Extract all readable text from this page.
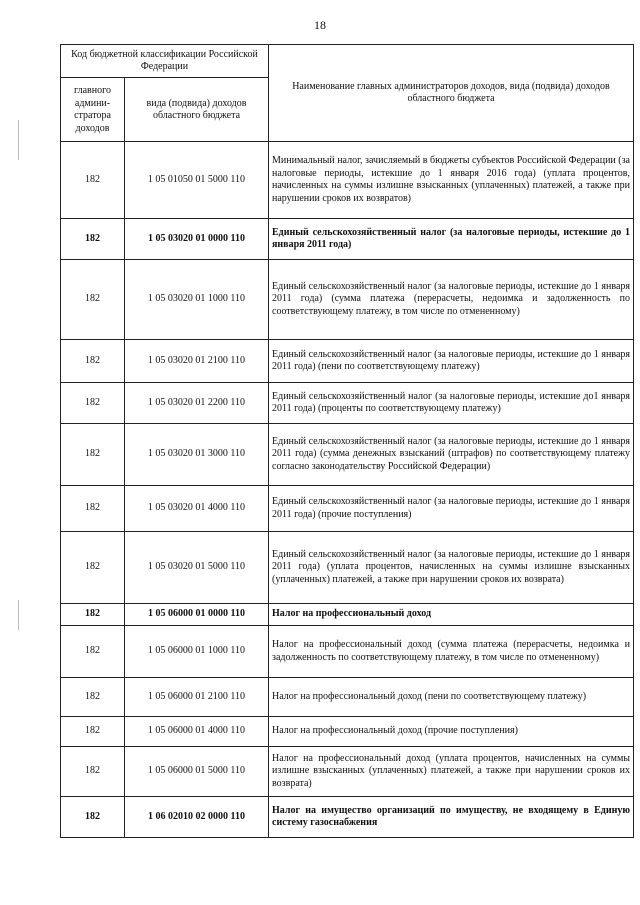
18
Код бюджетной классификации Российской Федерации		Наименование главных администраторов доходов, вида (подвида) доходов областного бюджета
главного админи-стратора доходов	вида (подвида) доходов областного бюджета	
182	1 05 01050 01 5000 110	Минимальный налог, зачисляемый в бюджеты субъектов Российской Федерации (за налоговые периоды, истекшие до 1 января 2016 года) (уплата процентов, начисленных на суммы излишне взысканных (уплаченных) платежей, а также при нарушении сроков их возвратов)
182	1 05 03020 01 0000 110	Единый сельскохозяйственный налог (за налоговые периоды, истекшие до 1 января 2011 года)
182	1 05 03020 01 1000 110	Единый сельскохозяйственный налог (за налоговые периоды, истекшие до 1 января 2011 года) (сумма платежа (перерасчеты, недоимка и задолженность по соответствующему платежу, в том числе по отмененному)
182	1 05 03020 01 2100 110	Единый сельскохозяйственный налог (за налоговые периоды, истекшие до 1 января 2011 года) (пени по соответствующему платежу)
182	1 05 03020 01 2200 110	Единый сельскохозяйственный налог (за налоговые периоды, истекшие до1 января 2011 года) (проценты по соответствующему платежу)
182	1 05 03020 01 3000 110	Единый сельскохозяйственный налог (за налоговые периоды, истекшие до 1 января 2011 года) (сумма денежных взысканий (штрафов) по соответствующему платежу согласно законодательству Российской Федерации)
182	1 05 03020 01 4000 110	Единый сельскохозяйственный налог (за налоговые периоды, истекшие до 1 января 2011 года) (прочие поступления)
182	1 05 03020 01 5000 110	Единый сельскохозяйственный налог (за налоговые периоды, истекшие до 1 января 2011 года) (уплата процентов, начисленных на суммы излишне взысканных (уплаченных) платежей, а также при нарушении сроков их возврата)
182	1 05 06000 01 0000 110	Налог на профессиональный доход
182	1 05 06000 01 1000 110	Налог на профессиональный доход (сумма платежа (перерасчеты, недоимка и задолженность по соответствующему платежу, в том числе по отмененному)
182	1 05 06000 01 2100 110	Налог на профессиональный доход (пени по соответствующему платежу)
182	1 05 06000 01 4000 110	Налог на профессиональный доход (прочие поступления)
182	1 05 06000 01 5000 110	Налог на профессиональный доход (уплата процентов, начисленных на суммы излишне взысканных (уплаченных) платежей, а также при нарушении сроков их возврата)
182	1 06 02010 02 0000 110	Налог на имущество организаций по имуществу, не входящему в Единую систему газоснабжения
